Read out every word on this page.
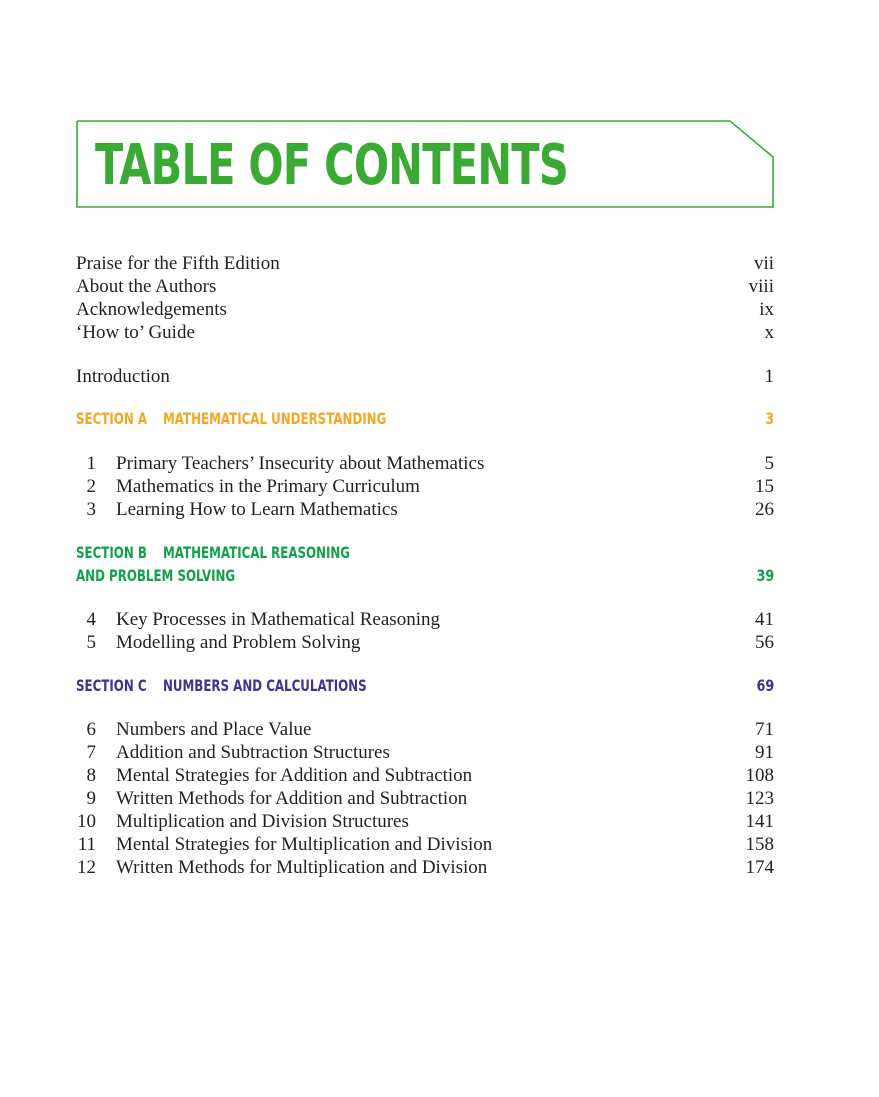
TABLE OF CONTENTS
Praise for the Fifth Edition	vii
About the Authors	viii
Acknowledgements	ix
‘How to’ Guide	x
Introduction	1
SECTION A MATHEMATICAL UNDERSTANDING	3
1 Primary Teachers’ Insecurity about Mathematics	5
2 Mathematics in the Primary Curriculum	15
3 Learning How to Learn Mathematics	26
SECTION B MATHEMATICAL REASONING
AND PROBLEM SOLVING	39
4 Key Processes in Mathematical Reasoning	41
5 Modelling and Problem Solving	56
SECTION C NUMBERS AND CALCULATIONS	69
6 Numbers and Place Value	71
7 Addition and Subtraction Structures	91
8 Mental Strategies for Addition and Subtraction	108
9 Written Methods for Addition and Subtraction	123
10 Multiplication and Division Structures	141
11 Mental Strategies for Multiplication and Division	158
12 Written Methods for Multiplication and Division	174
